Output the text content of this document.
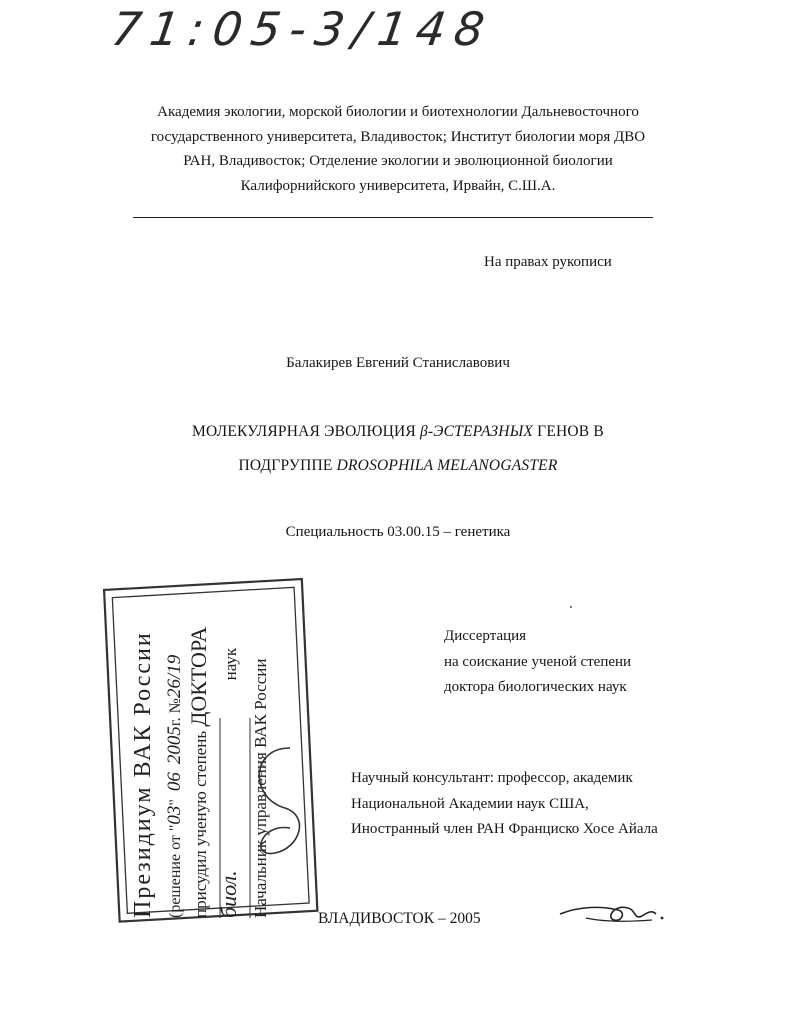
71:05-3/148
Академия экологии, морской биологии и биотехнологии Дальневосточного
государственного университета, Владивосток; Институт биологии моря ДВО
РАН, Владивосток; Отделение экологии и эволюционной биологии
Калифорнийского университета, Ирвайн, С.Ш.А.
На правах рукописи
Балакирев Евгений Станиславович
МОЛЕКУЛЯРНАЯ ЭВОЛЮЦИЯ β-ЭСТЕРАЗНЫХ ГЕНОВ В
ПОДГРУППЕ DROSOPHILA MELANOGASTER
Специальность 03.00.15 – генетика
Диссертация
на соискание ученой степени
доктора биологических наук
Научный консультант: профессор, академик
Национальной Академии наук США,
Иностранный член РАН Франциско Хосе Айала
ВЛАДИВОСТОК – 2005
Президиум ВАК России (решение от "03"062005г. №26/19
присудил ученую степень ДОКТОРА
биол.наук Начальник управления ВАК России
